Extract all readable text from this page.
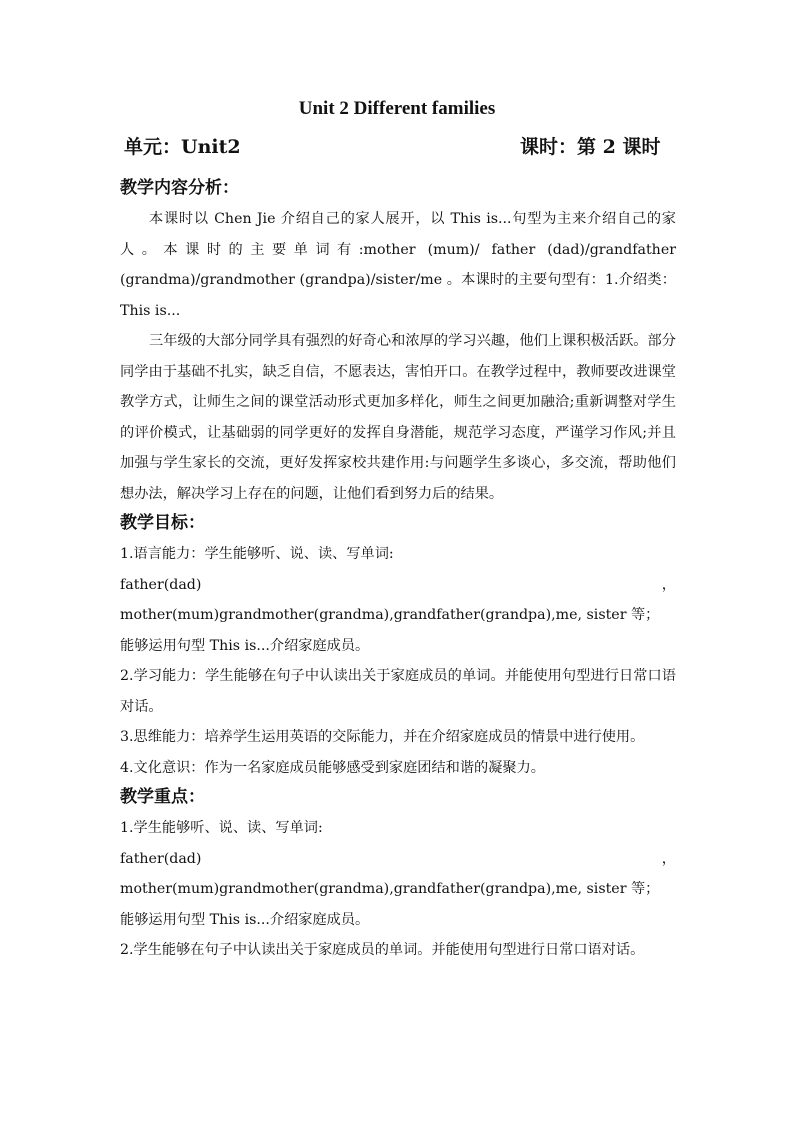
Unit 2 Different families
单元：Unit2	课时：第 2 课时

教学内容分析：

本课时以 Chen Jie 介绍自己的家人展开，以 This is...句型为主来介绍自己的家人。本课时的主要单词有:mother (mum)/ father (dad)/grandfather (grandma)/grandmother (grandpa)/sister/me 。本课时的主要句型有：1.介绍类：This is...

三年级的大部分同学具有强烈的好奇心和浓厚的学习兴趣，他们上课积极活跃。部分同学由于基础不扎实，缺乏自信，不愿表达，害怕开口。在教学过程中，教师要改进课堂教学方式，让师生之间的课堂活动形式更加多样化，师生之间更加融洽;重新调整对学生的评价模式，让基础弱的同学更好的发挥自身潜能，规范学习态度，严谨学习作风;并且加强与学生家长的交流，更好发挥家校共建作用:与问题学生多谈心，多交流，帮助他们想办法，解决学习上存在的问题，让他们看到努力后的结果。

教学目标：

1.语言能力：学生能够听、说、读、写单词:

father(dad) ， mother(mum)grandmother(grandma),grandfather(grandpa),me, sister 等；

能够运用句型 This is...介绍家庭成员。

2.学习能力：学生能够在句子中认读出关于家庭成员的单词。并能使用句型进行日常口语对话。

3.思维能力：培养学生运用英语的交际能力，并在介绍家庭成员的情景中进行使用。

4.文化意识：作为一名家庭成员能够感受到家庭团结和谐的凝聚力。

教学重点：

1.学生能够听、说、读、写单词:

father(dad) ， mother(mum)grandmother(grandma),grandfather(grandpa),me, sister 等；

能够运用句型 This is...介绍家庭成员。

2.学生能够在句子中认读出关于家庭成员的单词。并能使用句型进行日常口语对话。
